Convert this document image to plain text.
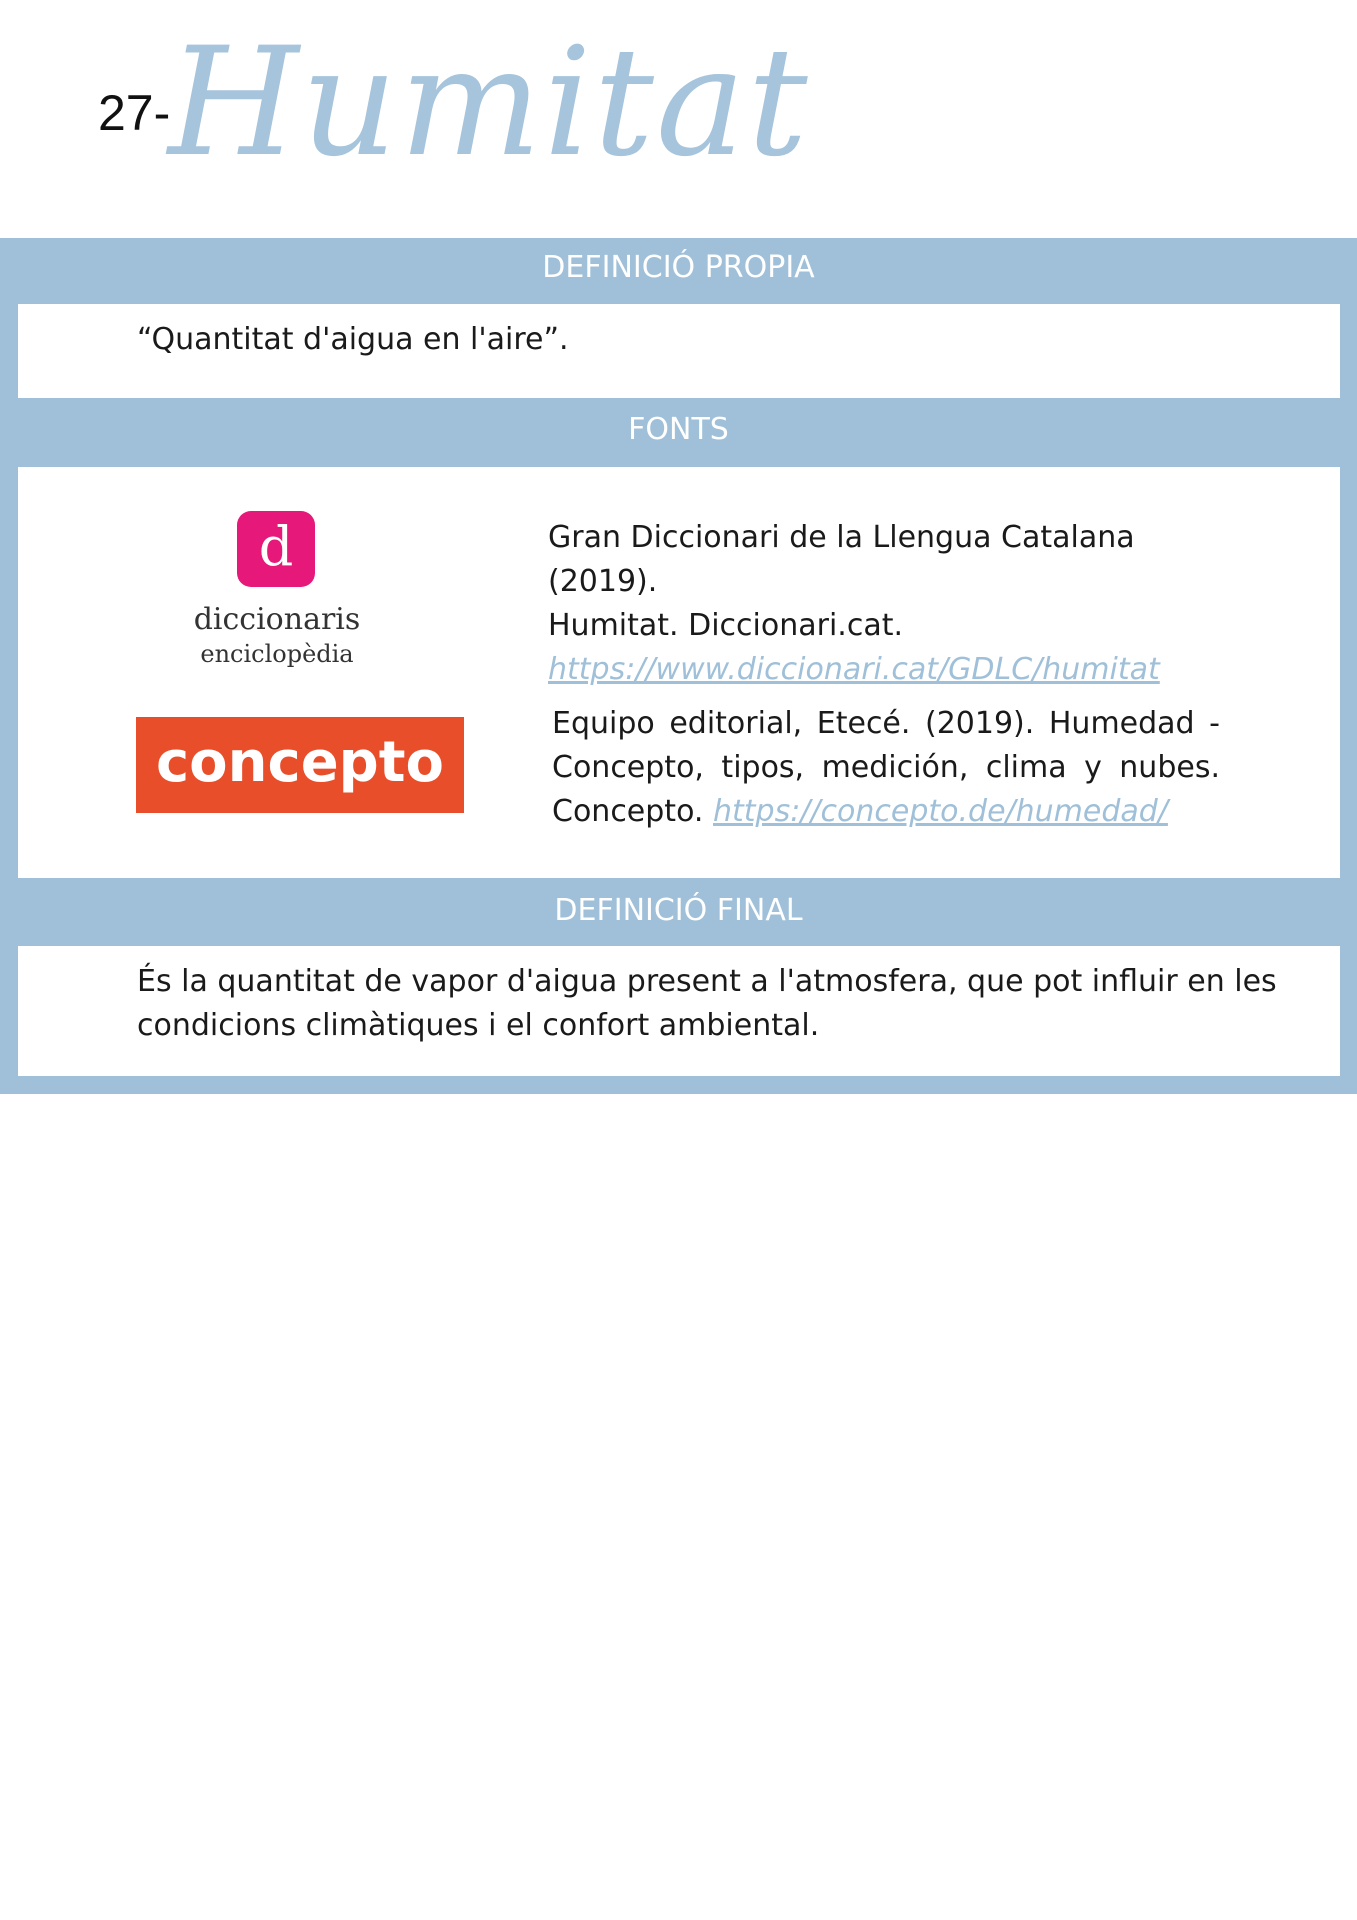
27-
Humitat
DEFINICIÓ PROPIA
“Quantitat d'aigua en l'aire”.
FONTS
d
diccionaris
enciclopèdia
Gran Diccionari de la Llengua Catalana (2019).
Humitat. Diccionari.cat.
https://www.diccionari.cat/GDLC/humitat
concepto
Equipo editorial, Etecé. (2019). Humedad -
Concepto, tipos, medición, clima y nubes.
Concepto. https://concepto.de/humedad/
DEFINICIÓ FINAL
És la quantitat de vapor d'aigua present a l'atmosfera, que pot influir en les condicions climàtiques i el confort ambiental.
